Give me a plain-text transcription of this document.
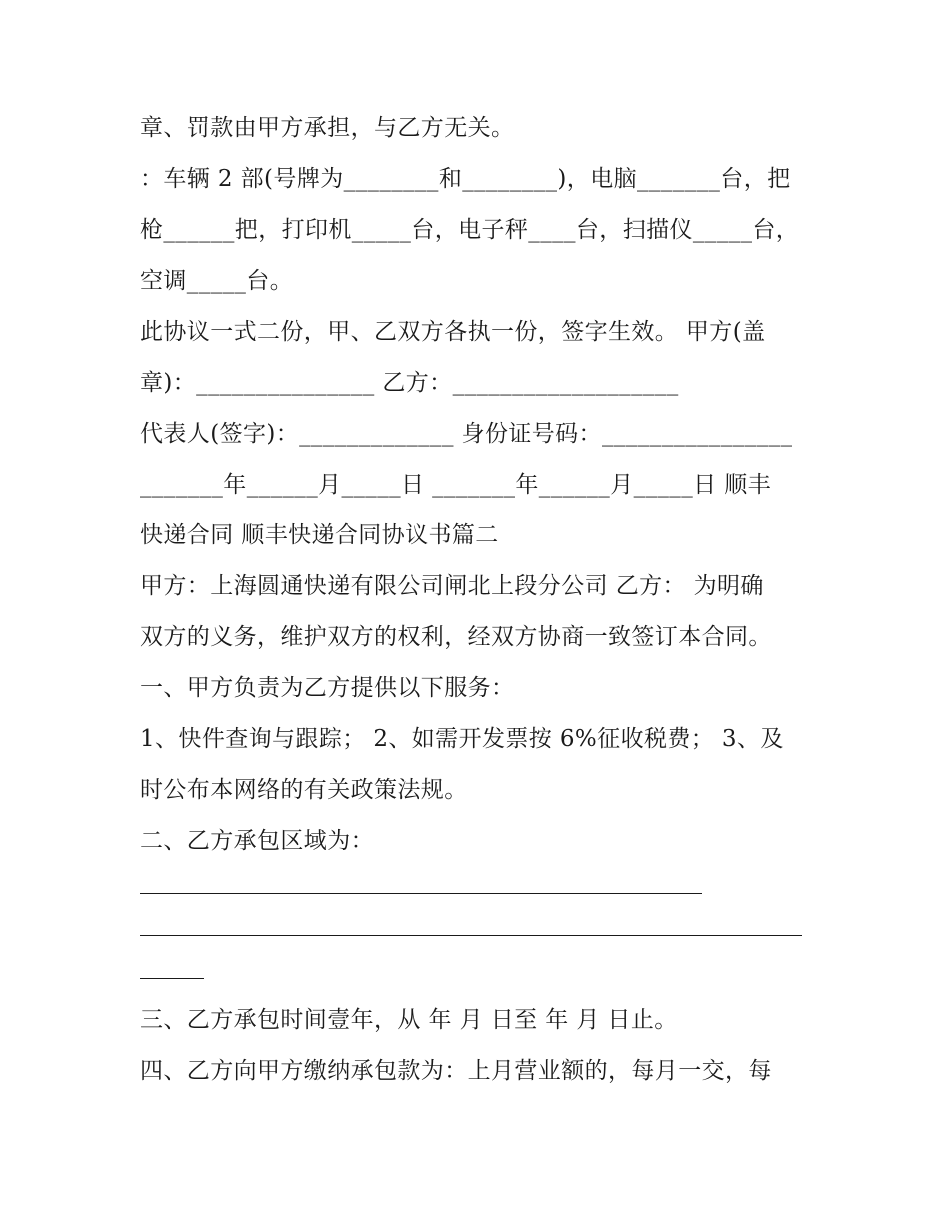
章、罚款由甲方承担，与乙方无关。
：车辆 2 部(号牌为________和________)，电脑_______台，把
枪______把，打印机_____台，电子秤____台，扫描仪_____台，
空调_____台。
此协议一式二份，甲、乙双方各执一份，签字生效。 甲方(盖
章)：_______________ 乙方：___________________
代表人(签字)：_____________ 身份证号码：________________
_______年______月_____日 _______年______月_____日 顺丰
快递合同 顺丰快递合同协议书篇二
甲方：上海圆通快递有限公司闸北上段分公司 乙方： 为明确
双方的义务，维护双方的权利，经双方协商一致签订本合同。
一、甲方负责为乙方提供以下服务：
1、快件查询与跟踪； 2、如需开发票按 6%征收税费； 3、及
时公布本网络的有关政策法规。
二、乙方承包区域为：
三、乙方承包时间壹年，从 年 月 日至 年 月 日止。
四、乙方向甲方缴纳承包款为：上月营业额的，每月一交，每
